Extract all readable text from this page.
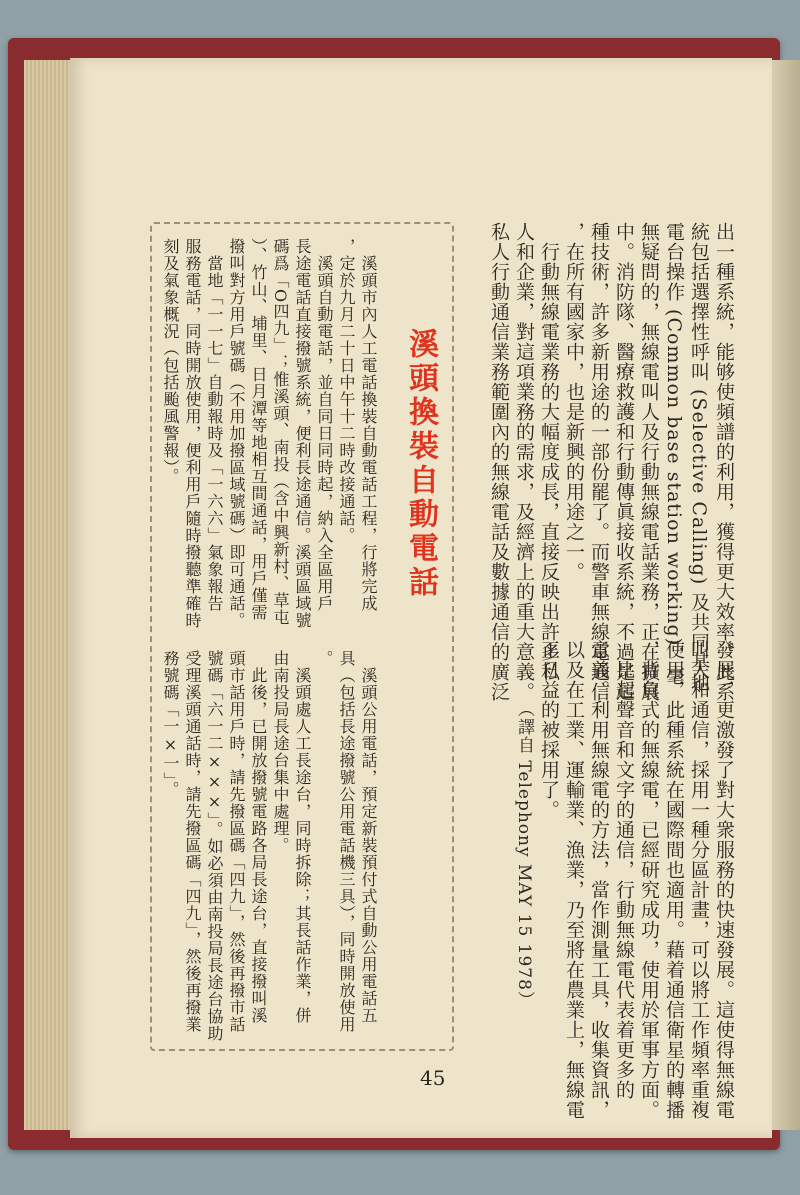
出一種系統，能够使頻譜的利用，獲得更大效率。此系
統包括選擇性呼叫 (Selective Calling) 及共同基地
電台操作 (Common base station working)，毫
無疑問的，無線電叫人及行動無線電話業務，正在擴展
中。消防隊、醫療救護和行動傳眞接收系統，不過是這
種技術，許多新用途的一部份罷了。而警車無線電通信
，在所有國家中，也是新興的用途之一。
　行動無線電業務的大幅度成長，直接反映出許多私
人和企業，對這項業務的需求，及經濟上的重大意義。
私人行動通信業務範圍內的無線電話及數據通信的廣泛
發展，更激發了對大衆服務的快速發展。這使得無線電
叫人和通信，採用一種分區計畫，可以將工作頻率重複
使用，此種系統在國際間也適用。藉着通信衛星的轉播
，背負式的無線電，已經研究成功，使用於軍事方面。
　比起聲音和文字的通信，行動無線電代表着更多的
意義。利用無線電的方法，當作測量工具，收集資訊，
以及在工業、運輸業、漁業，乃至將在農業上，無線電
正日益的被採用了。
（譯自 Telephony MAY 15 1978）
溪頭換裝自動電話
　溪頭市內人工電話換裝自動電話工程，行將完成
，定於九月二十日中午十二時改接通話。
　溪頭自動電話，並自同日同時起，納入全區用戶
長途電話直接撥號系統，便利長途通信。溪頭區域號
碼爲「O四九」；惟溪頭、南投（含中興新村、草屯
）、竹山、埔里、日月潭等地相互間通話，用戶僅需
撥叫對方用戶號碼（不用加撥區域號碼）即可通話。
　當地「一一七」自動報時及「一六六」氣象報告
服務電話，同時開放使用，便利用戶隨時撥聽準確時
刻及氣象概況（包括颱風警報）。
　溪頭公用電話，預定新裝預付式自動公用電話五
具（包括長途撥號公用電話機三具），同時開放使用
。
　溪頭處人工長途台，同時拆除；其長話作業，併
由南投局長途台集中處理。
　此後，已開放撥號電路各局長途台，直接撥叫溪
頭市話用戶時，請先撥區碼「四九」，然後再撥市話
號碼「六一二×××」。如必須由南投局長途台協助
受理溪頭通話時，請先撥區碼「四九」，然後再撥業
務號碼「一×一」。
45
